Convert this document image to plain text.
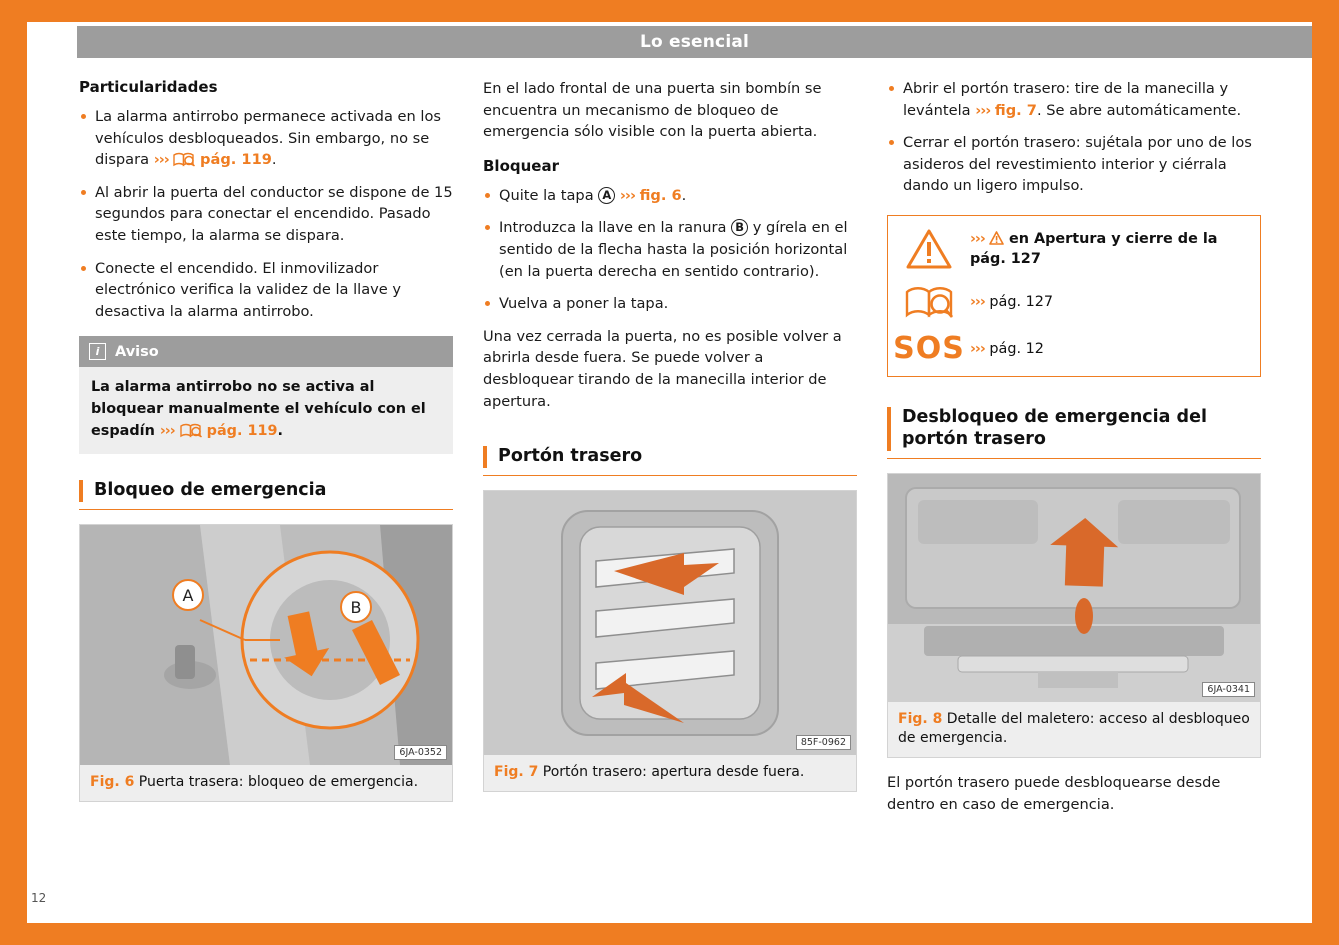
Lo esencial
12
Particularidades
La alarma antirrobo permanece activada en los vehículos desbloqueados. Sin embargo, no se dispara ››› pág. 119.
Al abrir la puerta del conductor se dispone de 15 segundos para conectar el encendido. Pasado este tiempo, la alarma se dispara.
Conecte el encendido. El inmovilizador electrónico verifica la validez de la llave y desactiva la alarma antirrobo.
i	Aviso
La alarma antirrobo no se activa al bloquear manualmente el vehículo con el espadín ››› pág. 119.
Bloqueo de emergencia
A
B
6JA-0352
Fig. 6 Puerta trasera: bloqueo de emergencia.

En el lado frontal de una puerta sin bombín se encuentra un mecanismo de bloqueo de emergencia sólo visible con la puerta abierta.

Bloquear
Quite la tapa A ››› fig. 6.
Introduzca la llave en la ranura B y gírela en el sentido de la flecha hasta la posición horizontal (en la puerta derecha en sentido contrario).
Vuelva a poner la tapa.

Una vez cerrada la puerta, no es posible volver a abrirla desde fuera. Se puede volver a desbloquear tirando de la manecilla interior de apertura.

Portón trasero
85F-0962
Fig. 7 Portón trasero: apertura desde fuera.
Abrir el portón trasero: tire de la manecilla y levántela ››› fig. 7. Se abre automáticamente.
Cerrar el portón trasero: sujétala por uno de los asideros del revestimiento interior y ciérrala dando un ligero impulso.
››› en Apertura y cierre de la pág. 127
››› pág. 127
SOS ››› pág. 12
Desbloqueo de emergencia del portón trasero
6JA-0341
Fig. 8 Detalle del maletero: acceso al desbloqueo de emergencia.

El portón trasero puede desbloquearse desde dentro en caso de emergencia.
